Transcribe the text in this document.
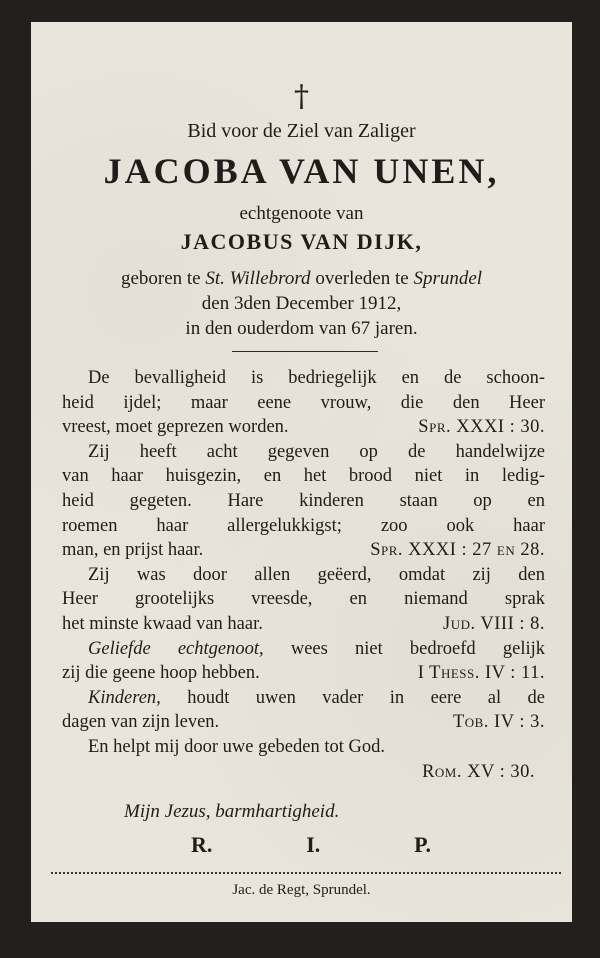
†
Bid voor de Ziel van Zaliger
JACOBA VAN UNEN,
echtgenoote van
JACOBUS VAN DIJK,
geboren te St. Willebrord overleden te Sprundel
den 3den December 1912,
in den ouderdom van 67 jaren.
De bevalligheid is bedriegelijk en de schoon-
heid ijdel; maar eene vrouw, die den Heer
vreest, moet geprezen worden.	Spr. XXXI : 30.
Zij heeft acht gegeven op de handelwijze
van haar huisgezin, en het brood niet in ledig-
heid gegeten. Hare kinderen staan op en
roemen haar allergelukkigst; zoo ook haar
man, en prijst haar.	Spr. XXXI : 27 en 28.
Zij was door allen geëerd, omdat zij den
Heer grootelijks vreesde, en niemand sprak
het minste kwaad van haar.	Jud. VIII : 8.
Geliefde echtgenoot, wees niet bedroefd gelijk
zij die geene hoop hebben.	I Thess. IV : 11.
Kinderen, houdt uwen vader in eere al de
dagen van zijn leven.	Tob. IV : 3.
En helpt mij door uwe gebeden tot God.
Rom. XV : 30.
Mijn Jezus, barmhartigheid.
R.	I.	P.
Jac. de Regt, Sprundel.
